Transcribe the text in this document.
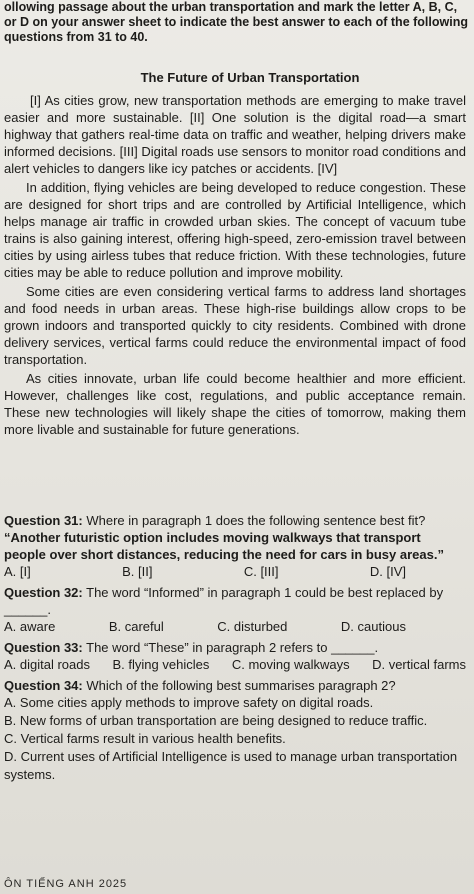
ollowing passage about the urban transportation and mark the letter A, B, C, or D on your answer sheet to indicate the best answer to each of the following questions from 31 to 40.
The Future of Urban Transportation

[I] As cities grow, new transportation methods are emerging to make travel easier and more sustainable. [II] One solution is the digital road—a smart highway that gathers real-time data on traffic and weather, helping drivers make informed decisions. [III] Digital roads use sensors to monitor road conditions and alert vehicles to dangers like icy patches or accidents. [IV]

In addition, flying vehicles are being developed to reduce congestion. These are designed for short trips and are controlled by Artificial Intelligence, which helps manage air traffic in crowded urban skies. The concept of vacuum tube trains is also gaining interest, offering high-speed, zero-emission travel between cities by using airless tubes that reduce friction. With these technologies, future cities may be able to reduce pollution and improve mobility.

Some cities are even considering vertical farms to address land shortages and food needs in urban areas. These high-rise buildings allow crops to be grown indoors and transported quickly to city residents. Combined with drone delivery services, vertical farms could reduce the environmental impact of food transportation.

As cities innovate, urban life could become healthier and more efficient. However, challenges like cost, regulations, and public acceptance remain. These new technologies will likely shape the cities of tomorrow, making them more livable and sustainable for future generations.

Question 31: Where in paragraph 1 does the following sentence best fit?
“Another futuristic option includes moving walkways that transport people over short distances, reducing the need for cars in busy areas.”
A. [I]	B. [II]	C. [III]	D. [IV]
Question 32: The word “Informed” in paragraph 1 could be best replaced by ______.
A. aware	B. careful	C. disturbed	D. cautious
Question 33: The word “These” in paragraph 2 refers to ______.
A. digital roads B. flying vehicles C. moving walkways D. vertical farms
Question 34: Which of the following best summarises paragraph 2?
A. Some cities apply methods to improve safety on digital roads.
B. New forms of urban transportation are being designed to reduce traffic.
C. Vertical farms result in various health benefits.
D. Current uses of Artificial Intelligence is used to manage urban transportation systems.
ÔN TIẾNG ANH 2025
